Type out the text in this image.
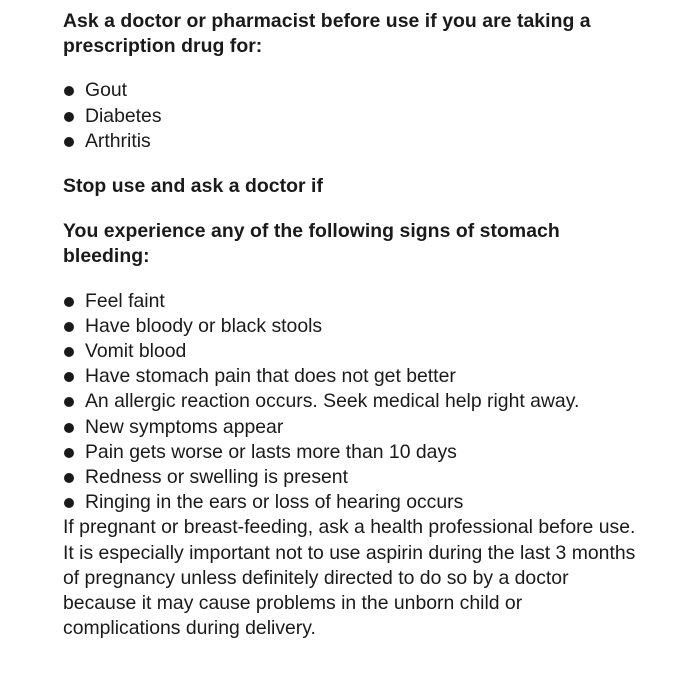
Ask a doctor or pharmacist before use if you are taking a prescription drug for:

Gout
Diabetes
Arthritis

Stop use and ask a doctor if

You experience any of the following signs of stomach bleeding:

Feel faint
Have bloody or black stools
Vomit blood
Have stomach pain that does not get better
An allergic reaction occurs. Seek medical help right away.
New symptoms appear
Pain gets worse or lasts more than 10 days
Redness or swelling is present
Ringing in the ears or loss of hearing occurs

If pregnant or breast-feeding, ask a health professional before use. It is especially important not to use aspirin during the last 3 months of pregnancy unless definitely directed to do so by a doctor because it may cause problems in the unborn child or complications during delivery.
